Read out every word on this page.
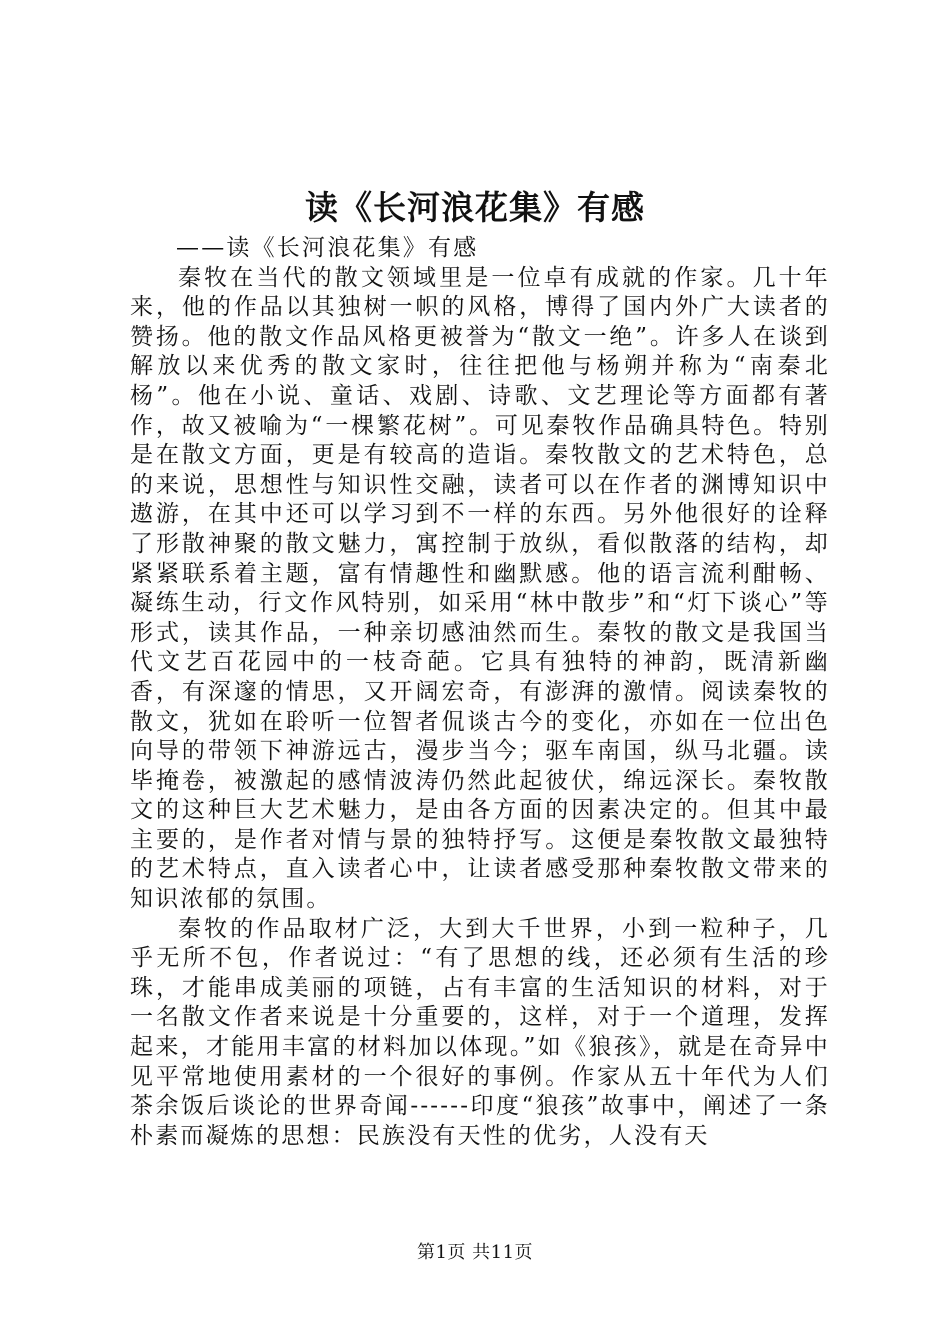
读《长河浪花集》有感

——读《长河浪花集》有感

秦牧在当代的散文领域里是一位卓有成就的作家。几十年来，他的作品以其独树一帜的风格，博得了国内外广大读者的赞扬。他的散文作品风格更被誉为“散文一绝”。许多人在谈到解放以来优秀的散文家时，往往把他与杨朔并称为“南秦北杨”。他在小说、童话、戏剧、诗歌、文艺理论等方面都有著作，故又被喻为“一棵繁花树”。可见秦牧作品确具特色。特别是在散文方面，更是有较高的造诣。秦牧散文的艺术特色，总的来说，思想性与知识性交融，读者可以在作者的渊博知识中遨游，在其中还可以学习到不一样的东西。另外他很好的诠释了形散神聚的散文魅力，寓控制于放纵，看似散落的结构，却紧紧联系着主题，富有情趣性和幽默感。他的语言流利酣畅、凝练生动，行文作风特别，如采用“林中散步”和“灯下谈心”等形式，读其作品，一种亲切感油然而生。秦牧的散文是我国当代文艺百花园中的一枝奇葩。它具有独特的神韵，既清新幽香，有深邃的情思，又开阔宏奇，有澎湃的激情。阅读秦牧的散文，犹如在聆听一位智者侃谈古今的变化，亦如在一位出色向导的带领下神游远古，漫步当今；驱车南国，纵马北疆。读毕掩卷，被激起的感情波涛仍然此起彼伏，绵远深长。秦牧散文的这种巨大艺术魅力，是由各方面的因素决定的。但其中最主要的，是作者对情与景的独特抒写。这便是秦牧散文最独特的艺术特点，直入读者心中，让读者感受那种秦牧散文带来的知识浓郁的氛围。

秦牧的作品取材广泛，大到大千世界，小到一粒种子，几乎无所不包，作者说过：“有了思想的线，还必须有生活的珍珠，才能串成美丽的项链，占有丰富的生活知识的材料，对于一名散文作者来说是十分重要的，这样，对于一个道理，发挥起来，才能用丰富的材料加以体现。”如《狼孩》，就是在奇异中见平常地使用素材的一个很好的事例。作家从五十年代为人们茶余饭后谈论的世界奇闻------印度“狼孩”故事中，阐述了一条朴素而凝炼的思想：民族没有天性的优劣，人没有天

第1页 共11页
